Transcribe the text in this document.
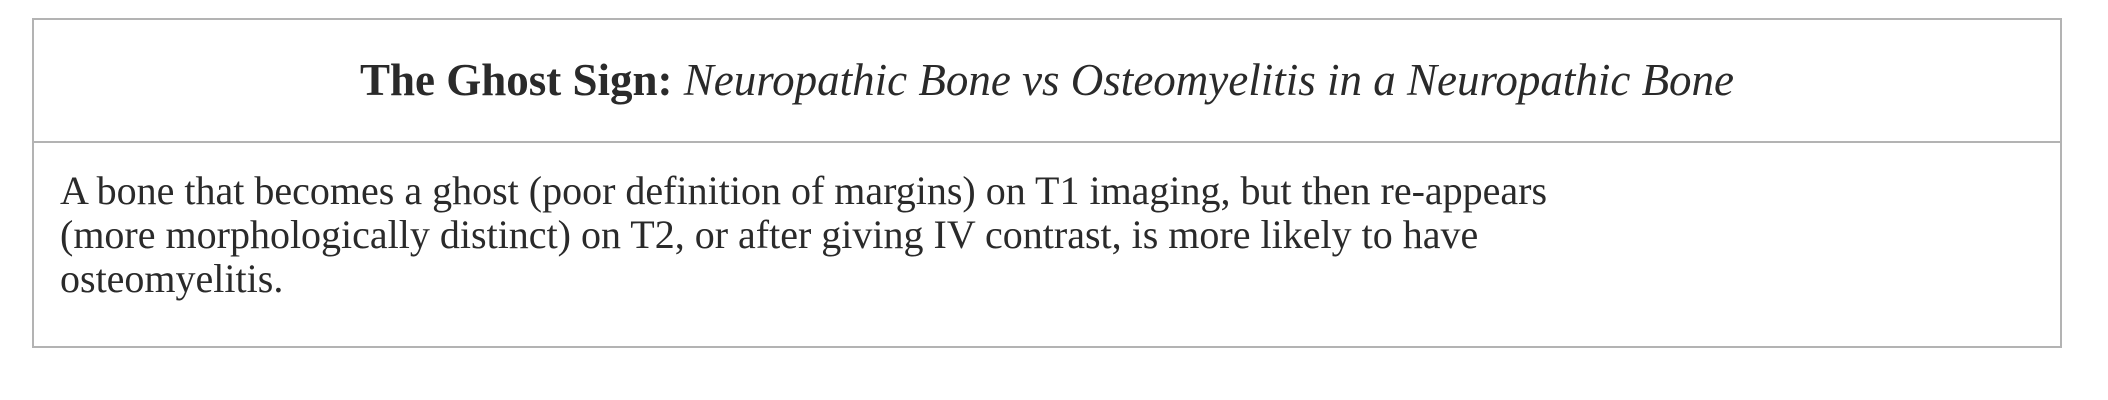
The Ghost Sign: Neuropathic Bone vs Osteomyelitis in a Neuropathic Bone

A bone that becomes a ghost (poor definition of margins) on T1 imaging, but then re-appears
(more morphologically distinct) on T2, or after giving IV contrast, is more likely to have
osteomyelitis.
